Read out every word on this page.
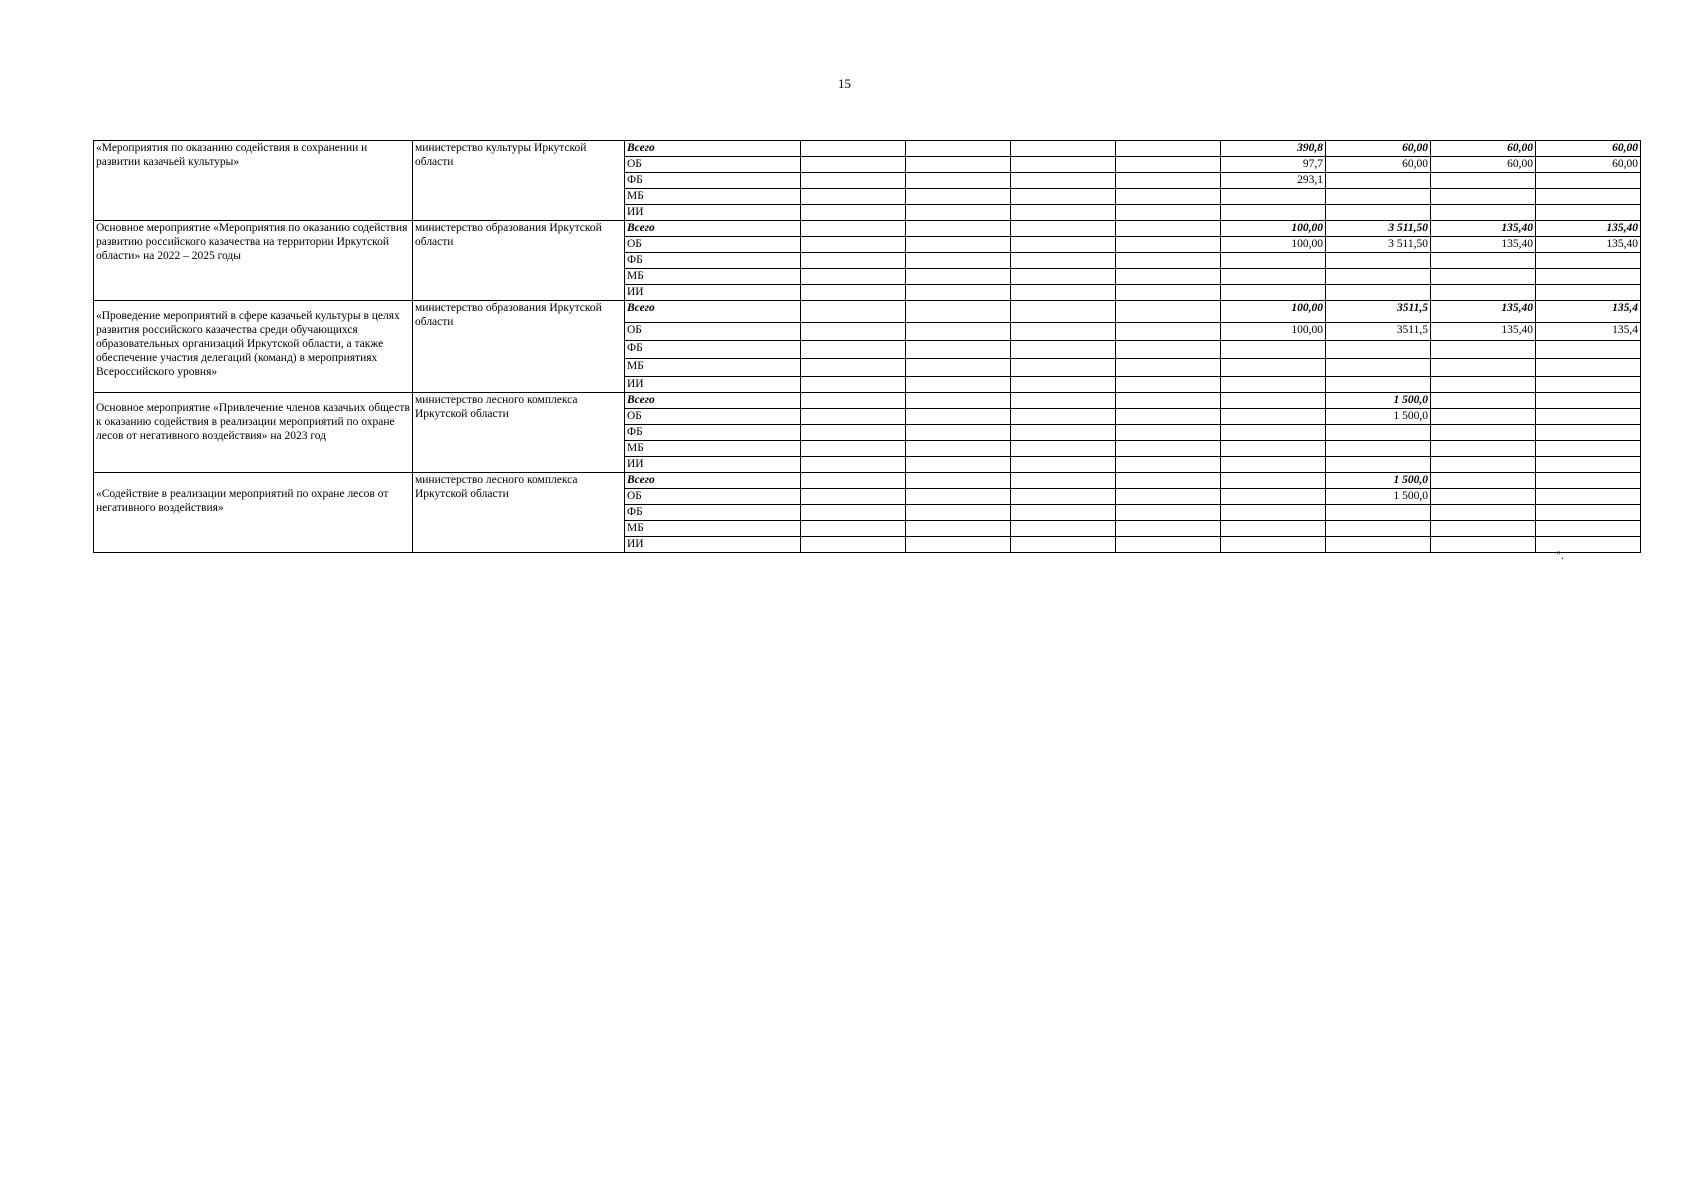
15
«Мероприятия по оказанию содействия в сохранении и развитии казачьей культуры»	министерство культуры Иркутской области	Всего					390,8	60,00	60,00	60,00
		ОБ					97,7	60,00	60,00	60,00
		ФБ					293,1			
		МБ								
		ИИ								
Основное мероприятие «Мероприятия по оказанию содействия развитию российского казачества на территории Иркутской области» на 2022 – 2025 годы	министерство образования Иркутской области	Всего					100,00	3 511,50	135,40	135,40
		ОБ					100,00	3 511,50	135,40	135,40
		ФБ								
		МБ								
		ИИ								
«Проведение мероприятий в сфере казачьей культуры в целях развития российского казачества среди обучающихся образовательных организаций Иркутской области, а также обеспечение участия делегаций (команд) в мероприятиях Всероссийского уровня»	министерство образования Иркутской области	Всего					100,00	3511,5	135,40	135,4
		ОБ					100,00	3511,5	135,40	135,4
		ФБ								
		МБ								
		ИИ								
Основное мероприятие «Привлечение членов казачьих обществ к оказанию содействия в реализации мероприятий по охране лесов от негативного воздействия» на 2023 год	министерство лесного комплекса Иркутской области	Всего						1 500,0		
		ОБ						1 500,0		
		ФБ								
		МБ								
		ИИ								
«Содействие в реализации мероприятий по охране лесов от негативного воздействия»	министерство лесного комплекса Иркутской области	Всего						1 500,0		
		ОБ						1 500,0		
		ФБ								
		МБ								
		ИИ								
".
